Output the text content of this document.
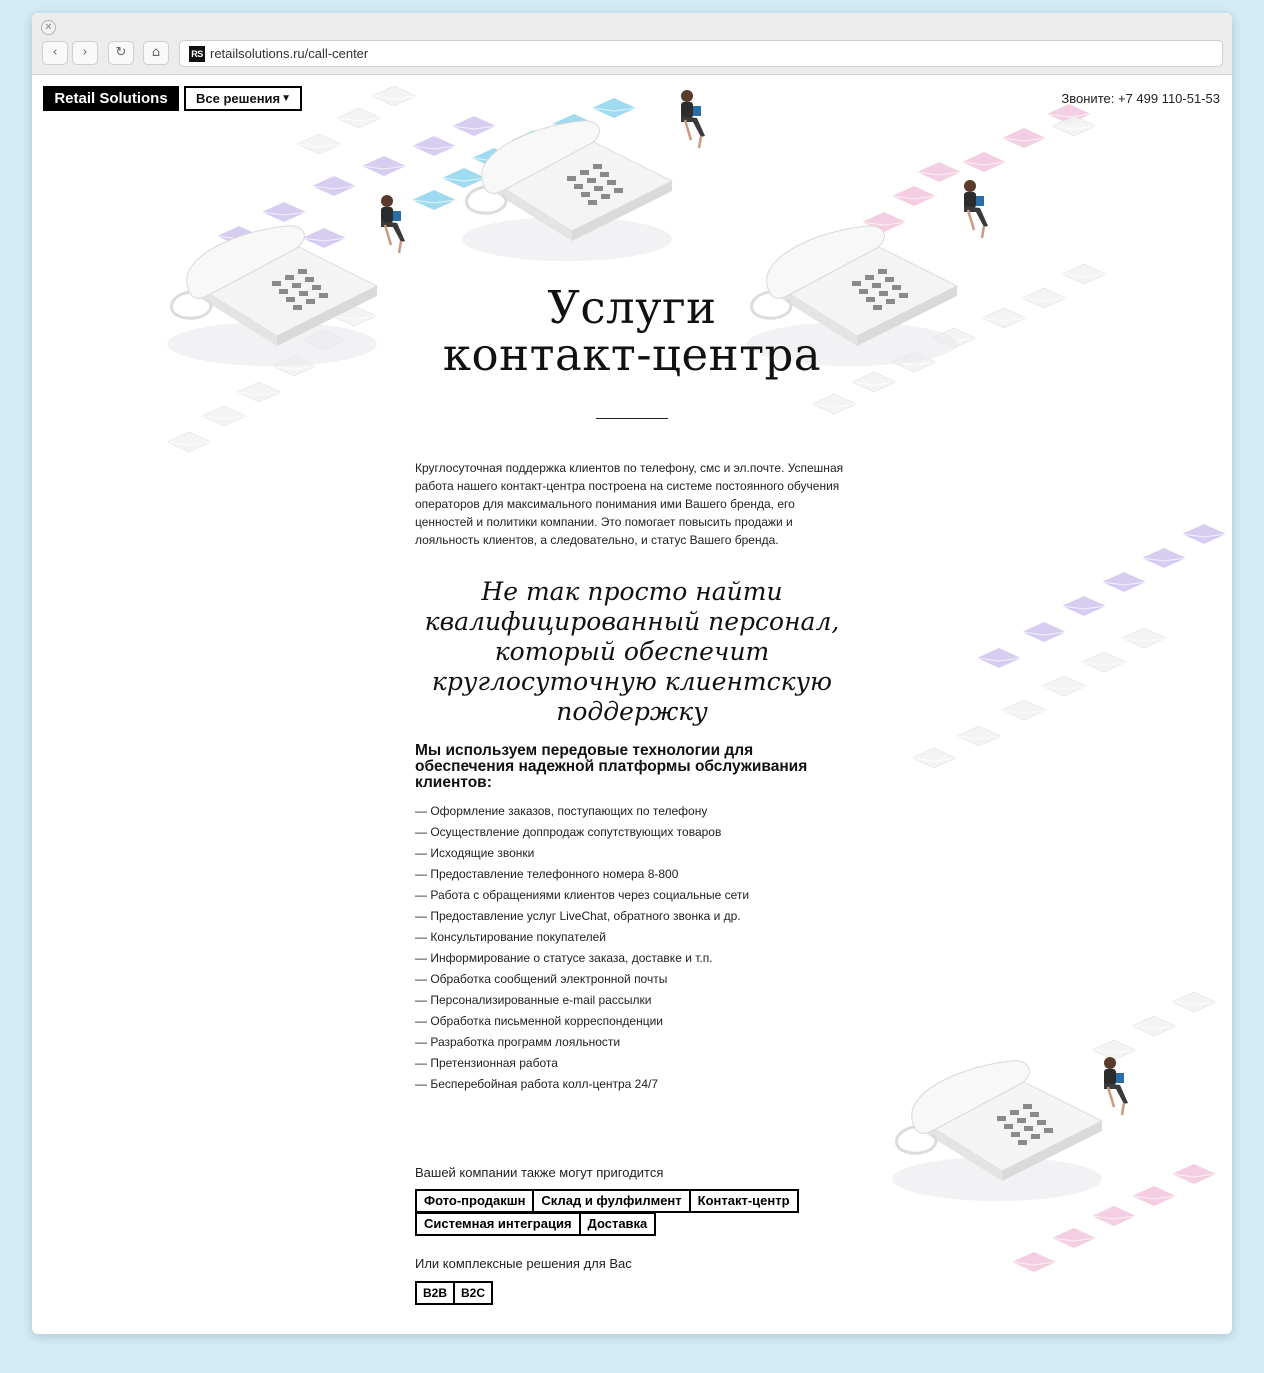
✕
‹	›	↻	⌂	RS retailsolutions.ru/call-center
Retail Solutions	Все решения ▼	Звоните: +7 499 110-51-53
Услуги
контакт-центра

Круглосуточная поддержка клиентов по телефону, смс и эл.почте. Успешная работа нашего контакт-центра построена на системе постоянного обучения операторов для максимального понимания ими Вашего бренда, его ценностей и политики компании. Это помогает повысить продажи и лояльность клиентов, а следовательно, и статус Вашего бренда.

Не так просто найти квалифицированный персонал, который обеспечит круглосуточную клиентскую поддержку

Мы используем передовые технологии для обеспечения надежной платформы обслуживания клиентов:
— Оформление заказов, поступающих по телефону
— Осуществление доппродаж сопутствующих товаров
— Исходящие звонки
— Предоставление телефонного номера 8-800
— Работа с обращениями клиентов через социальные сети
— Предоставление услуг LiveChat, обратного звонка и др.
— Консультирование покупателей
— Информирование о статусе заказа, доставке и т.п.
— Обработка сообщений электронной почты
— Персонализированные e-mail рассылки
— Обработка письменной корреспонденции
— Разработка программ лояльности
— Претензионная работа
— Бесперебойная работа колл-центра 24/7
Вашей компании также могут пригодится
Фото-продакшн	Склад и фулфилмент	Контакт-центр
Системная интеграция	Доставка
Или комплексные решения для Вас
B2B	B2C
